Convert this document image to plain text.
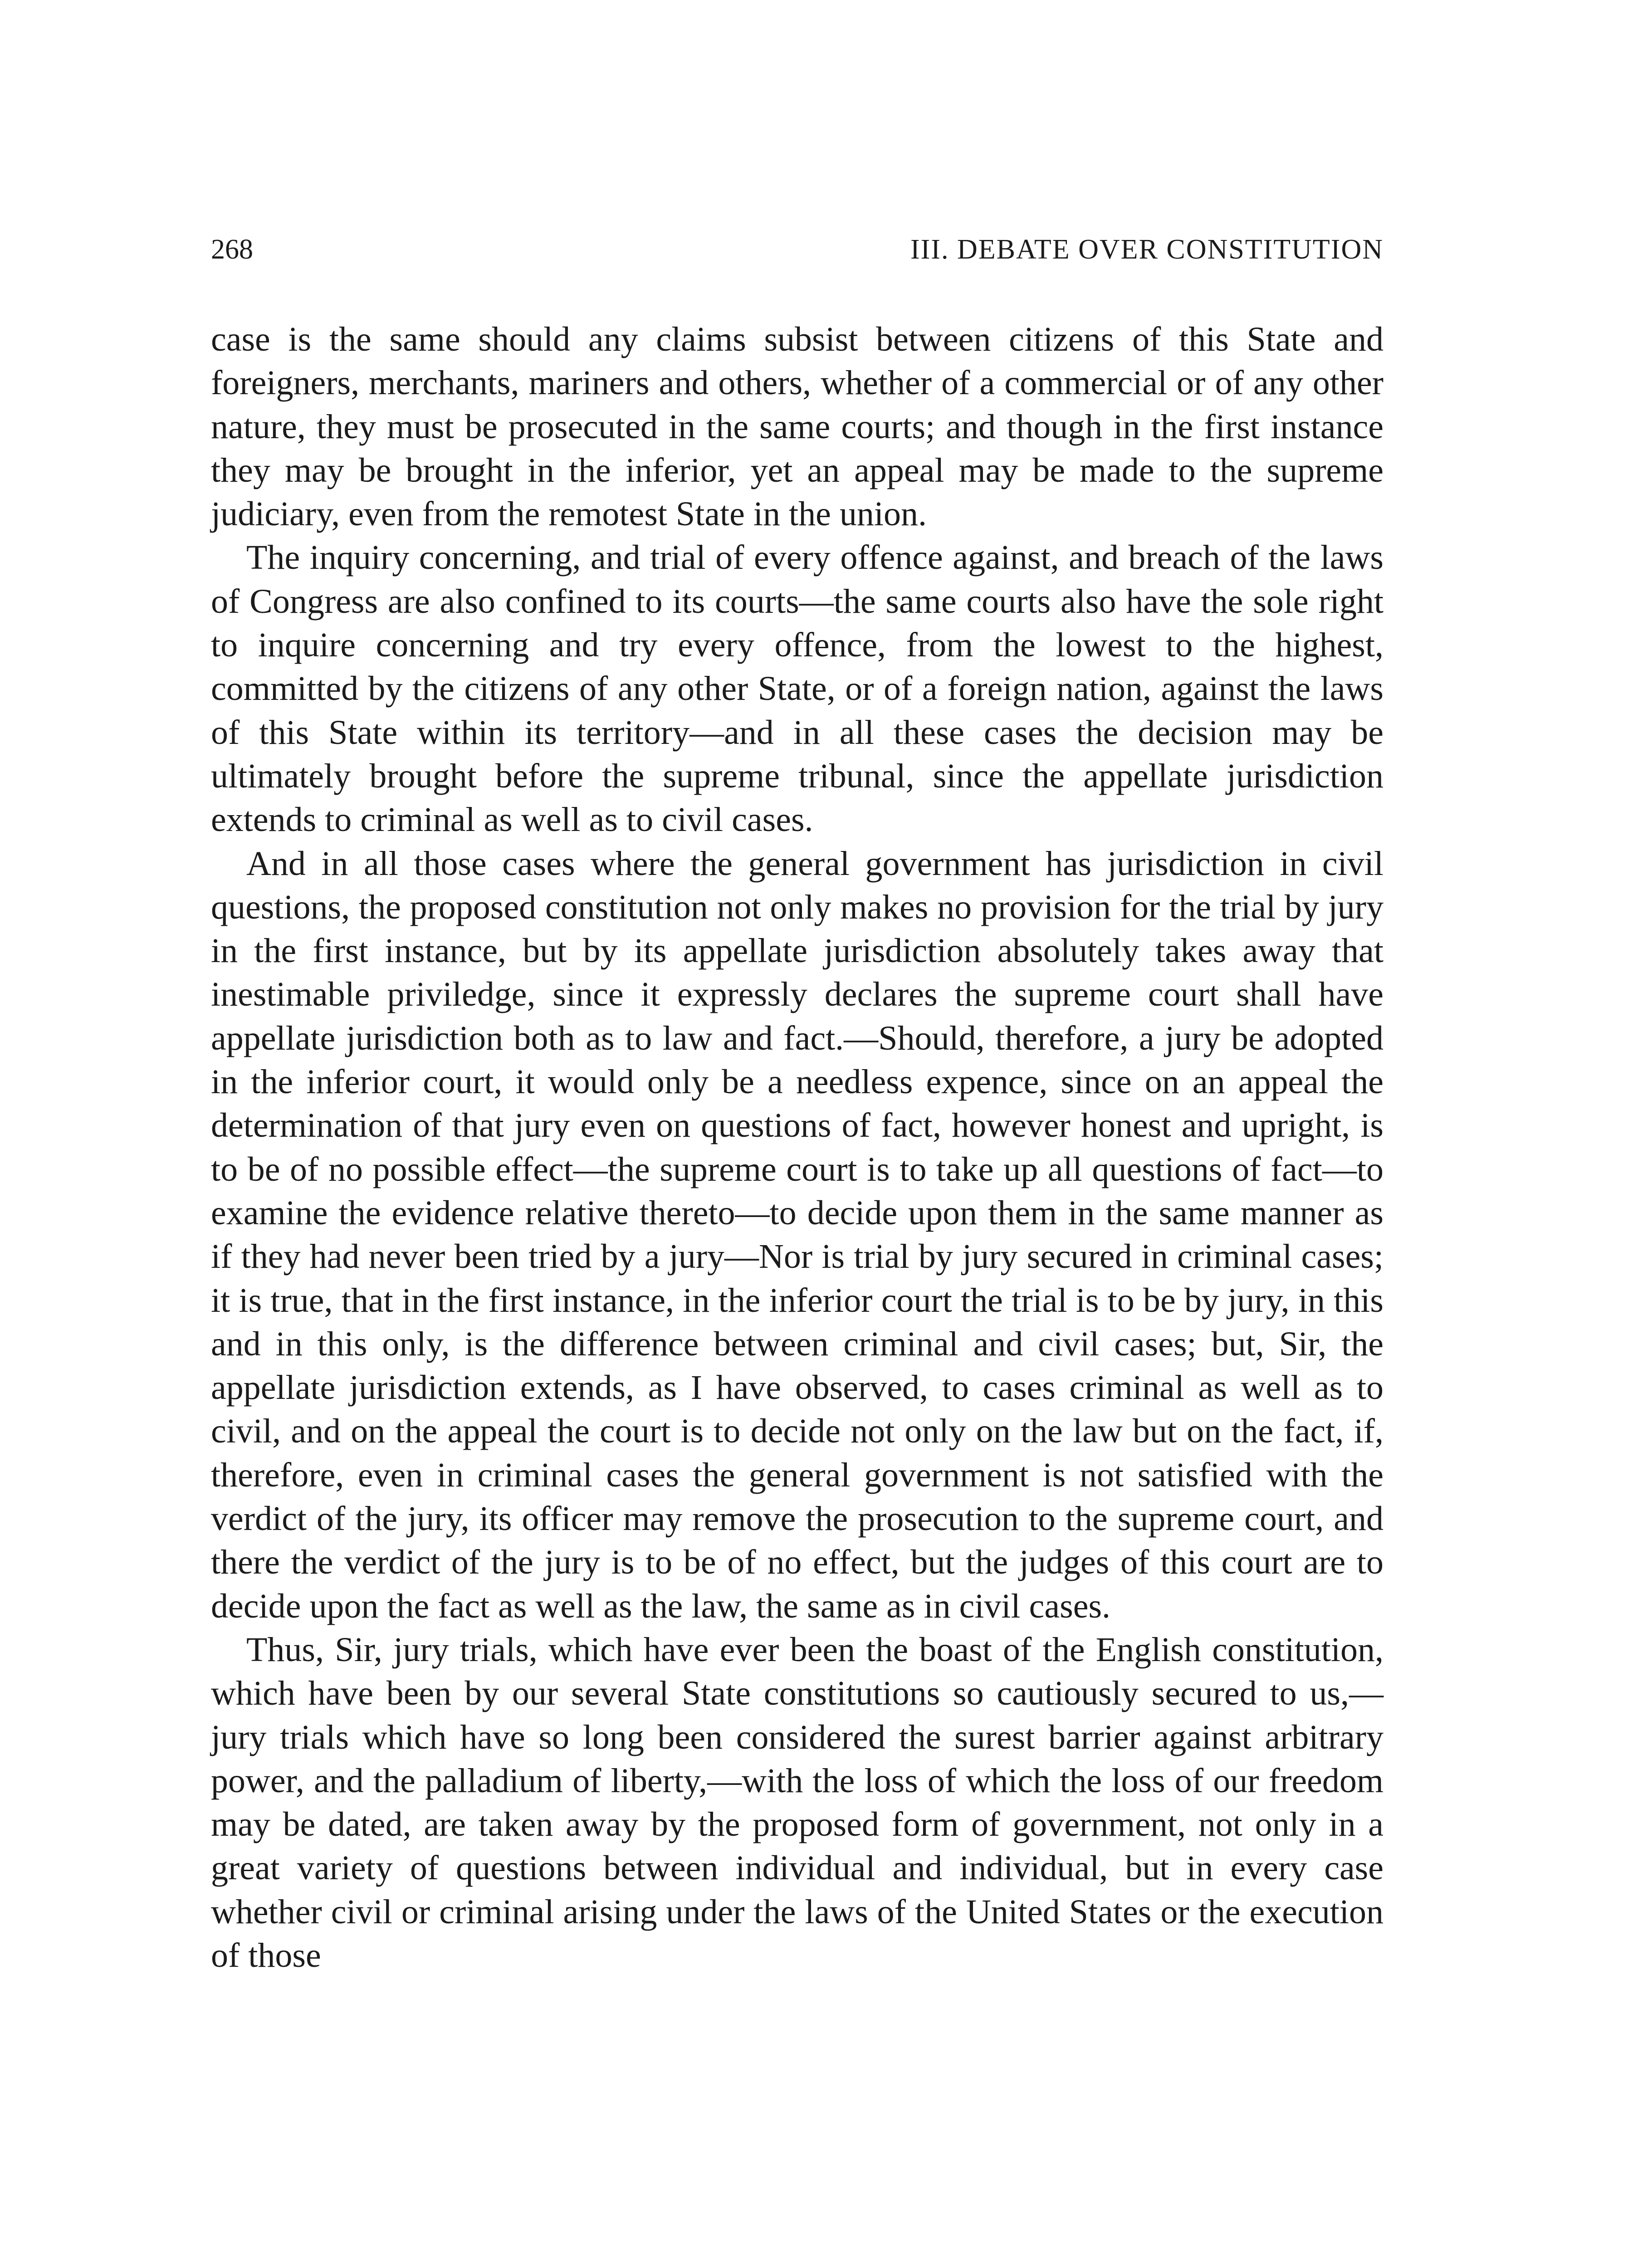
268	III. DEBATE OVER CONSTITUTION

case is the same should any claims subsist between citizens of this State and foreigners, merchants, mariners and others, whether of a commercial or of any other nature, they must be prosecuted in the same courts; and though in the first instance they may be brought in the inferior, yet an appeal may be made to the supreme judiciary, even from the remotest State in the union.

The inquiry concerning, and trial of every offence against, and breach of the laws of Congress are also confined to its courts—the same courts also have the sole right to inquire concerning and try every offence, from the lowest to the highest, committed by the citizens of any other State, or of a foreign nation, against the laws of this State within its territory—and in all these cases the decision may be ultimately brought before the supreme tribunal, since the appellate jurisdiction extends to criminal as well as to civil cases.

And in all those cases where the general government has jurisdiction in civil questions, the proposed constitution not only makes no provision for the trial by jury in the first instance, but by its appellate jurisdiction absolutely takes away that inestimable priviledge, since it expressly declares the supreme court shall have appellate jurisdiction both as to law and fact.—Should, therefore, a jury be adopted in the inferior court, it would only be a needless expence, since on an appeal the determination of that jury even on questions of fact, however honest and upright, is to be of no possible effect—the supreme court is to take up all questions of fact—to examine the evidence relative thereto—to decide upon them in the same manner as if they had never been tried by a jury—Nor is trial by jury secured in criminal cases; it is true, that in the first instance, in the inferior court the trial is to be by jury, in this and in this only, is the difference between criminal and civil cases; but, Sir, the appellate jurisdiction extends, as I have observed, to cases criminal as well as to civil, and on the appeal the court is to decide not only on the law but on the fact, if, therefore, even in criminal cases the general government is not satisfied with the verdict of the jury, its officer may remove the prosecution to the supreme court, and there the verdict of the jury is to be of no effect, but the judges of this court are to decide upon the fact as well as the law, the same as in civil cases.

Thus, Sir, jury trials, which have ever been the boast of the English constitution, which have been by our several State constitutions so cautiously secured to us,—jury trials which have so long been considered the surest barrier against arbitrary power, and the palladium of liberty,—with the loss of which the loss of our freedom may be dated, are taken away by the proposed form of government, not only in a great variety of questions between individual and individual, but in every case whether civil or criminal arising under the laws of the United States or the execution of those
